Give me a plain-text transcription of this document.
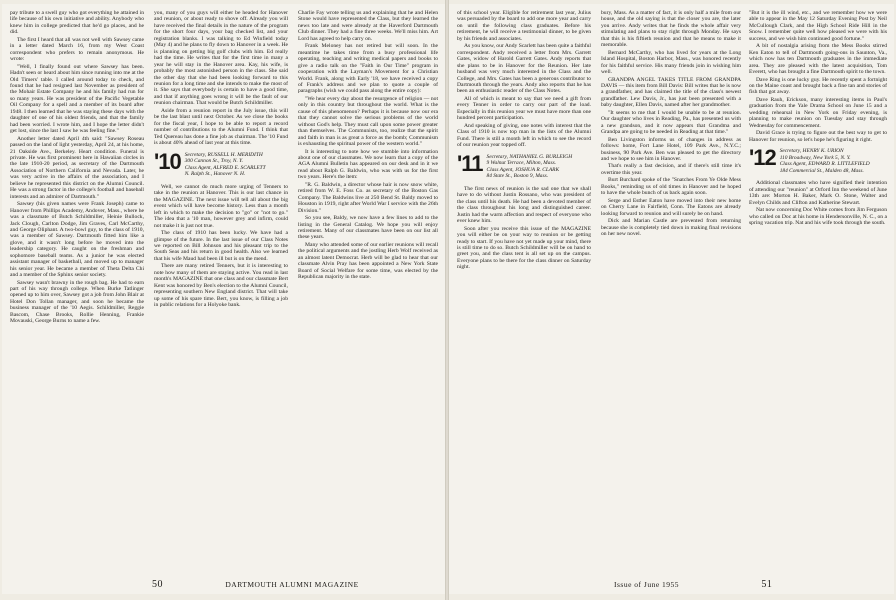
pay tribute to a swell guy who got everything he attained in life because of his own initiative and ability. Anybody who knew him in college predicted that he'd go places, and he did.

The first I heard that all was not well with Sawsey came in a letter dated March 16, from my West Coast correspondent who prefers to remain anonymous. He wrote:

"Well, I finally found out where Sawsey has been. Hadn't seen or heard about him since running into me at the Old Timers' table. I called around today to check, and found that he had resigned last November as president of the Mohair Estate Company he and his family had run for so many years. He was president of the Pacific Vegetable Oil Company for a spell and a member of its board after 1948. I then learned that he was staying these days with the daughter of one of his oldest friends, and that the family had been worried. I wrote him, and I hope the letter didn't get lost, since the last I saw he was feeling fine."

Another letter dated April 4th said: "Sawsey Roseau passed on the land of light yesterday, April 24, at his home, 21 Oakside Ave., Berkeley. Heart condition. Funeral is private. He was first prominent here in Hawaiian circles in the late 1910-20 period, as secretary of the Dartmouth Association of Northern California and Nevada. Later, he was very active in the affairs of the association, and I believe he represented this district on the Alumni Council. He was a strong factor in the college's football and baseball interests and an admirer of Dartmouth."

Sawsey (his given names were Frank Joseph) came to Hanover from Phillips Academy, Andover, Mass., where he was a classmate of Butch Schildmiller, Heinie Bullock, Jack Clough, Carlton Dodge, Jim Graves, Carl McCarthy, and George Oliphant. A two-bowl guy, to the class of 1910, was a member of Sawsey. Dartmouth fitted him like a glove, and it wasn't long before he moved into the leadership category. He caught on the freshman and sophomore baseball teams. As a junior he was elected assistant manager of basketball, and moved up to manager his senior year. He became a member of Theta Delta Chi and a member of the Sphinx senior society.

Sawsey wasn't brawny in the rough bag. He had to earn part of his way through college. When Burke Tatlinger opened up to him over, Sawsey got a job from John Blair at Hotel Don Tollan manager, and soon he became the business manager of the '10 Aegis. Schildmiller, Reggie Bascom, Chase Brooks, Rollie Henning, Frankie Movauski, George Burns to name a few.

you, many of you guys will either be headed for Hanover and reunion, or about ready to shove off. Already you will have received the final details in the nature of the program for the short four days, your bag checked list, and your registration blanks. I was talking to Ed Winfield today (May 4) and he plans to fly down to Hanover in a week. He is planning on getting big golf clubs with him. Ed really had the time. He writes that for the first time in many a year he will stay in the Hanover area. Kay, his wife, is probably the most astonished person in the class. She said the other day that she had been looking forward to this reunion for a long time and she intends to make the most of it. She says that everybody is certain to have a good time, and that if anything goes wrong it will be the fault of our reunion chairman. That would be Butch Schildmiller.

Aside from a reunion report in the July issue, this will be the last blast until next October. As we close the books for the fiscal year, I hope to be able to report a record number of contributions to the Alumni Fund. I think that Ted Quereau has done a fine job as chairman. The '10 Fund is about 40% ahead of last year at this time.

'10 Secretary, RUSSELL H. MERIDITH
300 Cannon St., Troy, N. Y.
Class Agent, ALFRED E. SCARLETT
N. Ralph St., Hanover N. H.

Well, we cannot do much more urging of Tenners to take in the reunion at Hanover. This is our last chance in the MAGAZINE. The next issue will tell all about the big event which will have become history. Less than a month left in which to make the decision to "go" or "not to go." The idea that a '10 man, however grey and infirm, could not make it is just not true.

The class of 1910 has been lucky. We have had a glimpse of the future. In the last issue of our Class Notes we reported on Bill Johnson and his pleasant trip to the South Seas and his return in good health. Also we learned that his wife Maud had been ill but is on the mend.

There are many retired Tenners, but it is interesting to note how many of them are staying active. You read in last month's MAGAZINE that one class and our classmate Bert Kent was honored by Ben's election to the Alumni Council, representing southern New England district. That will take up some of his spare time. Bert, you know, is filling a job in public relations for a Holyoke bank.

Charlie Fay wrote telling us and explaining that he and Helen Stone would have represented the Class, but they learned the news too late and were already at the Haverford Dartmouth Club dinner. They had a fine three weeks. We'll miss him. Art Lord has agreed to help carry on.

Frank Meloney has not retired but will soon. In the meantime he takes time from a busy professional life operating, teaching and writing medical papers and books to give a radio talk on the "Faith in Our Time" program in cooperation with the Layman's Movement for a Christian World. Frank, along with Early '18, we have received a copy of Frank's address and we plan to quote a couple of paragraphs (wish we could pass along the entire copy):

"We hear every day about the resurgence of religion — not only in this country but throughout the world. What is the cause of this phenomenon? Perhaps it is because now our era that they cannot solve the serious problems of the world without God's help. They must call upon some power greater than themselves. The Communists, too, realize that the spirit and faith in man is as great a force as the bomb; Communism is exhausting the spiritual power of the western world."

It is interesting to note how we stumble into information about one of our classmates. We now learn that a copy of the AGA Alumni Bulletin has appeared on our desk and in it we read about Ralph G. Baldwin, who was with us for the first two years. Here's the item:

"R. G. Baldwin, a director whose hair is now snow white, retired from W. E. Foss Co. as secretary of the Boston Gas Company. The Baldwins live at 250 Bend St. Baldy moved to Houston in 1919, right after World War I service with the 26th Division."

So you see, Baldy, we now have a few lines to add to the listing in the General Catalog. We hope you will enjoy retirement. Many of our classmates have been on our list all these years.

Many who attended some of our earlier reunions will recall the political arguments and the jostling Herb Wolf received as an almost latent Democrat. Herb will be glad to hear that our classmate Alvin Pray has been appointed a New York State Board of Social Welfare for some time, was elected by the Republican majority in the state.

50	DARTMOUTH ALUMNI MAGAZINE

of this school year. Eligible for retirement last year, Julius was persuaded by the board to add one more year and carry on until the following class graduates. Before his retirement, he will receive a testimonial dinner, to be given by his friends and associates.

As you know, our Andy Scarlett has been quite a faithful correspondent. Andy received a letter from Mrs. Garrett Gates, widow of Harold Garrett Gates. Andy reports that she plans to be in Hanover for the Reunion. Her late husband was very much interested in the Class and the College, and Mrs. Gates has been a generous contributor to Dartmouth through the years. Andy also reports that he has been an enthusiastic reader of the Class Notes.

All of which is meant to say that we need a gift from every Tenner in order to carry our part of the load. Especially in this reunion year we must have more than one hundred percent participation.

And speaking of giving, one notes with interest that the Class of 1910 is now top man in the lists of the Alumni Fund. There is still a month left in which to see the record of our reunion year topped off.

'11 Secretary, NATHANIEL G. BURLEIGH
9 Walnut Terrace, Milton, Mass.
Class Agent, JOSHUA R. CLARK
84 State St., Boston 9, Mass.

The first news of reunion is the sad one that we shall have to do without Justin Rossano, who was president of the class until his death. He had been a devoted member of the class throughout his long and distinguished career. Justin had the warm affection and respect of everyone who ever knew him.

Soon after you receive this issue of the MAGAZINE you will either be on your way to reunion or be getting ready to start. If you have not yet made up your mind, there is still time to do so. Butch Schildmiller will be on hand to greet you, and the class tent is all set up on the campus. Everyone plans to be there for the class dinner on Saturday night.

bury, Mass. As a matter of fact, it is only half a mile from our house, and the old saying is that the closer you are, the later you arrive. Andy writes that he finds the whole affair very stimulating and plans to stay right through Monday. He says that this is his fiftieth reunion and that he means to make it memorable.

Bernard McCarthy, who has lived for years at the Long Island Hospital, Boston Harbor, Mass., was honored recently for his faithful service. His many friends join in wishing him well.

GRANDPA ANGEL TAKES TITLE FROM GRANDPA DAVIS — this item from Bill Davis: Bill writes that he is now a grandfather, and has claimed the title of the class's newest grandfather. Lew Davis, Jr., has just been presented with a baby daughter, Ellen Davis, named after her grandmother.

"It seems to me that I would be unable to be at reunion. Our daughter who lives in Reading, Pa., has presented us with a new grandson, and it now appears that Grandma and Grandpa are going to be needed in Reading at that time."

Ben Livingston informs us of changes in address as follows: home, Fort Lane Hotel, 109 Park Ave., N.Y.C.; business, 90 Park Ave. Ben was pleased to get the directory and we hope to see him in Hanover.

That's really a fast decision, and if there's still time it's overtime this year.

Burt Burchard spoke of the "Snatches From Ye Olde Mess Books," reminding us of old times in Hanover and he hoped to have the whole bunch of us back again soon.

Serge and Esther Eaton have moved into their new home on Cherry Lane in Fairfield, Conn. The Eatons are already looking forward to reunion and will surely be on hand.

Dick and Marian Castle are prevented from returning because she is completely tied down in making final revisions on her new novel.

"But it is the ill wind, etc., and we remember how we were able to appear in the May 12 Saturday Evening Post by Neil McCullough Clark, and the High School Ride Hill in the Snow. I remember quite well how pleased we were with his success, and we wish him continued good fortune."

A bit of nostalgia arising from the Mess Books stirred Ken Eaton to tell of Dartmouth going-ons in Saunton, Va., which now has ten Dartmouth graduates in the immediate area. They are pleased with the latest acquisition, Tom Everett, who has brought a fine Dartmouth spirit to the town.

Dave Ring is one lucky guy. He recently spent a fortnight on the Maine coast and brought back a fine tan and stories of fish that got away.

Dave Rauh, Erickson, many interesting items in Paul's graduation from the Yale Drama School on June 15 and a wedding rehearsal in New York on Friday evening, is planning to make reunion on Tuesday and stay through Wednesday for commencement.

David Grace is trying to figure out the best way to get to Hanover for reunion, so let's hope he's figuring it right.

'12 Secretary, HENRY K. URION
110 Broadway, New York 5, N. Y.
Class Agent, EDWARD R. LITTLEFIELD
184 Commercial St., Malden 48, Mass.

Additional classmates who have signified their intention of attending our "reunion" at Orford Inn the weekend of June 13th are: Morton H. Baker, Mark O. Stone, Walter and Evelyn Childs and Clifton and Katherine Stewart.

Nat now concerning Doc White comes from Jim Ferguson who called on Doc at his home in Hendersonville, N. C., on a spring vacation trip. Nat and his wife took through the south.

Issue of June 1955	51
